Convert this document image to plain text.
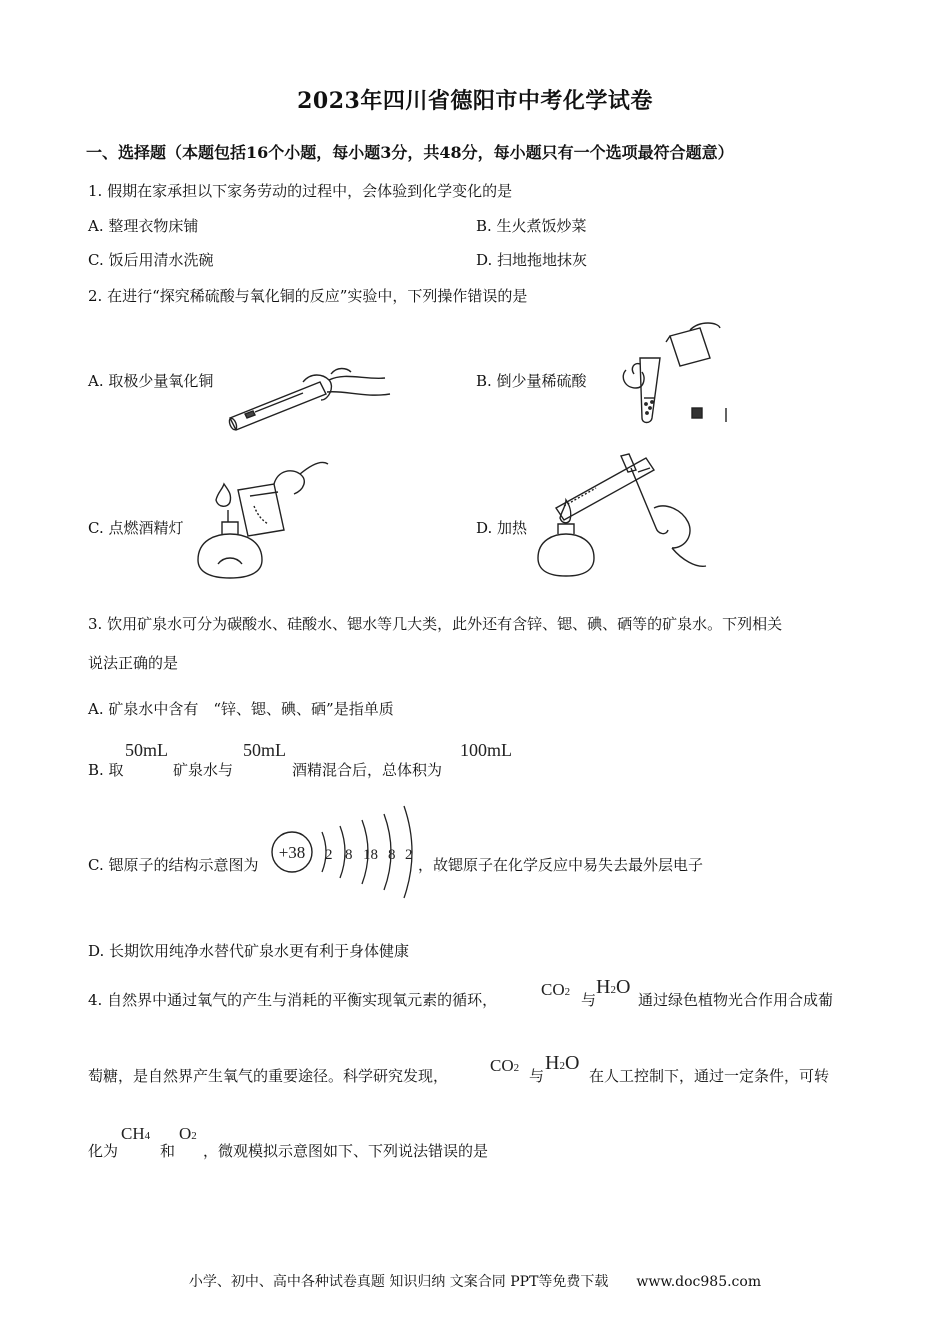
2023年四川省德阳市中考化学试卷
一、选择题（本题包括16个小题，每小题3分，共48分，每小题只有一个选项最符合题意）
1. 假期在家承担以下家务劳动的过程中，会体验到化学变化的是
A. 整理衣物床铺	B. 生火煮饭炒菜
C. 饭后用清水洗碗	D. 扫地拖地抹灰
2. 在进行“探究稀硫酸与氧化铜的反应”实验中，下列操作错误的是
A. 取极少量氧化铜	B. 倒少量稀硫酸
C. 点燃酒精灯	D. 加热
3. 饮用矿泉水可分为碳酸水、硅酸水、锶水等几大类，此外还有含锌、锶、碘、硒等的矿泉水。下列相关
说法正确的是
A. 矿泉水中含有　“锌、锶、碘、硒”是指单质
B. 取
50mL
矿泉水与
50mL
酒精混合后，总体积为
100mL
C. 锶原子的结构示意图为
+38 2 8 18 8 2
，故锶原子在化学反应中易失去最外层电子
D. 长期饮用纯净水替代矿泉水更有利于身体健康
4. 自然界中通过氧气的产生与消耗的平衡实现氧元素的循环，
CO2 与
H2O
通过绿色植物光合作用合成葡
萄糖，是自然界产生氧气的重要途径。科学研究发现，
CO2 与
H2O
在人工控制下，通过一定条件，可转
化为
CH4
和
O2
，微观模拟示意图如下、下列说法错误的是
小学、初中、高中各种试卷真题 知识归纳 文案合同 PPT等免费下载　　www.doc985.com
